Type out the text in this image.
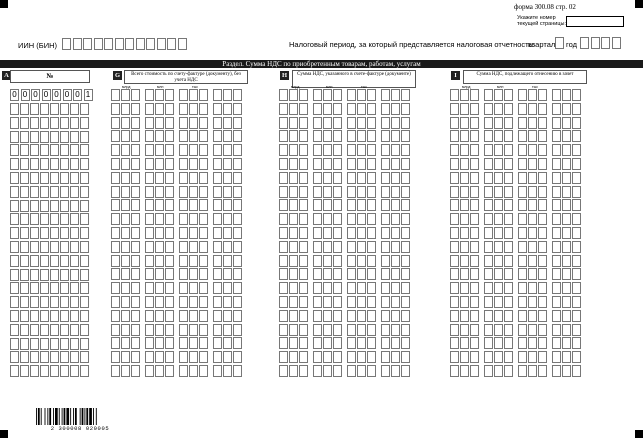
форма 300.08 стр. 02
Укажите номер текущей страницы:
ИИН (БИН)	Налоговый период, за который представляется налоговая отчетность:
квартал год
Раздел. Сумма НДС по приобретенным товарам, работам, услугам
A	№	G	Всего стоимость по счету-фактуре (документу), без учета НДС
H	Сумма НДС, указанного в счете-фактуре (документе)	I	Сумма НДС, подлежащего отнесению в зачет
млрд	млн	тыс	млрд	млн	тыс	млрд	млн	тыс
0 0 0 0 0 0 0 1
2 300008 020005
